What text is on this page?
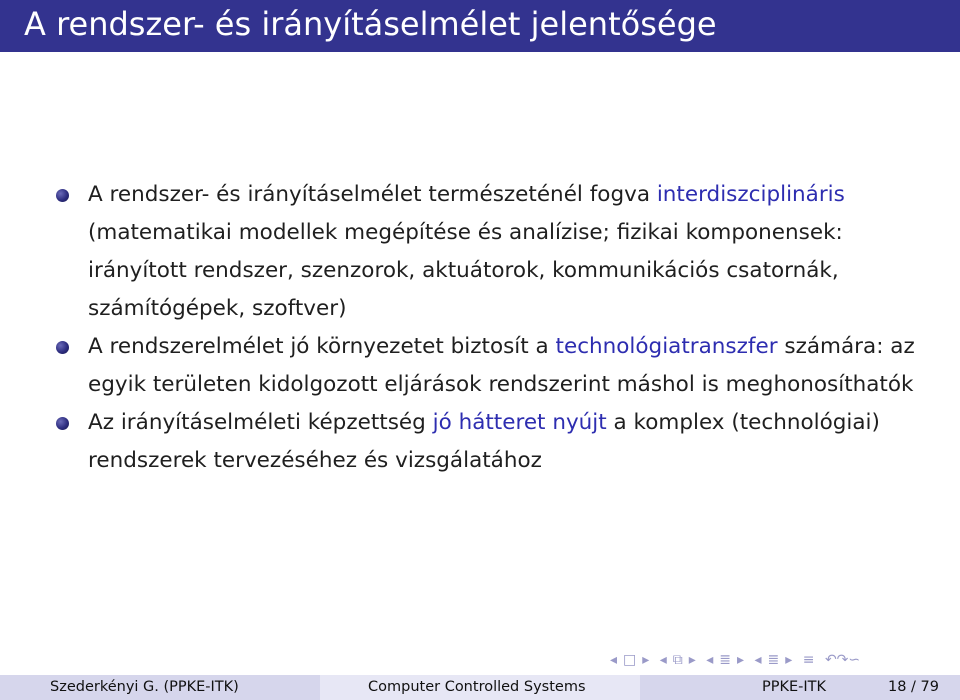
A rendszer- és irányításelmélet jelentősége
A rendszer- és irányításelmélet természeténél fogva interdiszciplináris (matematikai modellek megépítése és analízise; fizikai komponensek: irányított rendszer, szenzorok, aktuátorok, kommunikációs csatornák, számítógépek, szoftver)
A rendszerelmélet jó környezetet biztosít a technológiatranszfer számára: az egyik területen kidolgozott eljárások rendszerint máshol is meghonosíthatók
Az irányításelméleti képzettség jó hátteret nyújt a komplex (technológiai) rendszerek tervezéséhez és vizsgálatához
◂ □ ▸ ◂ ⧉ ▸ ◂ ≣ ▸ ◂ ≣ ▸ ≡ ↶↷∽
Szederkényi G. (PPKE-ITK)	Computer Controlled Systems	PPKE-ITK	18 / 79
